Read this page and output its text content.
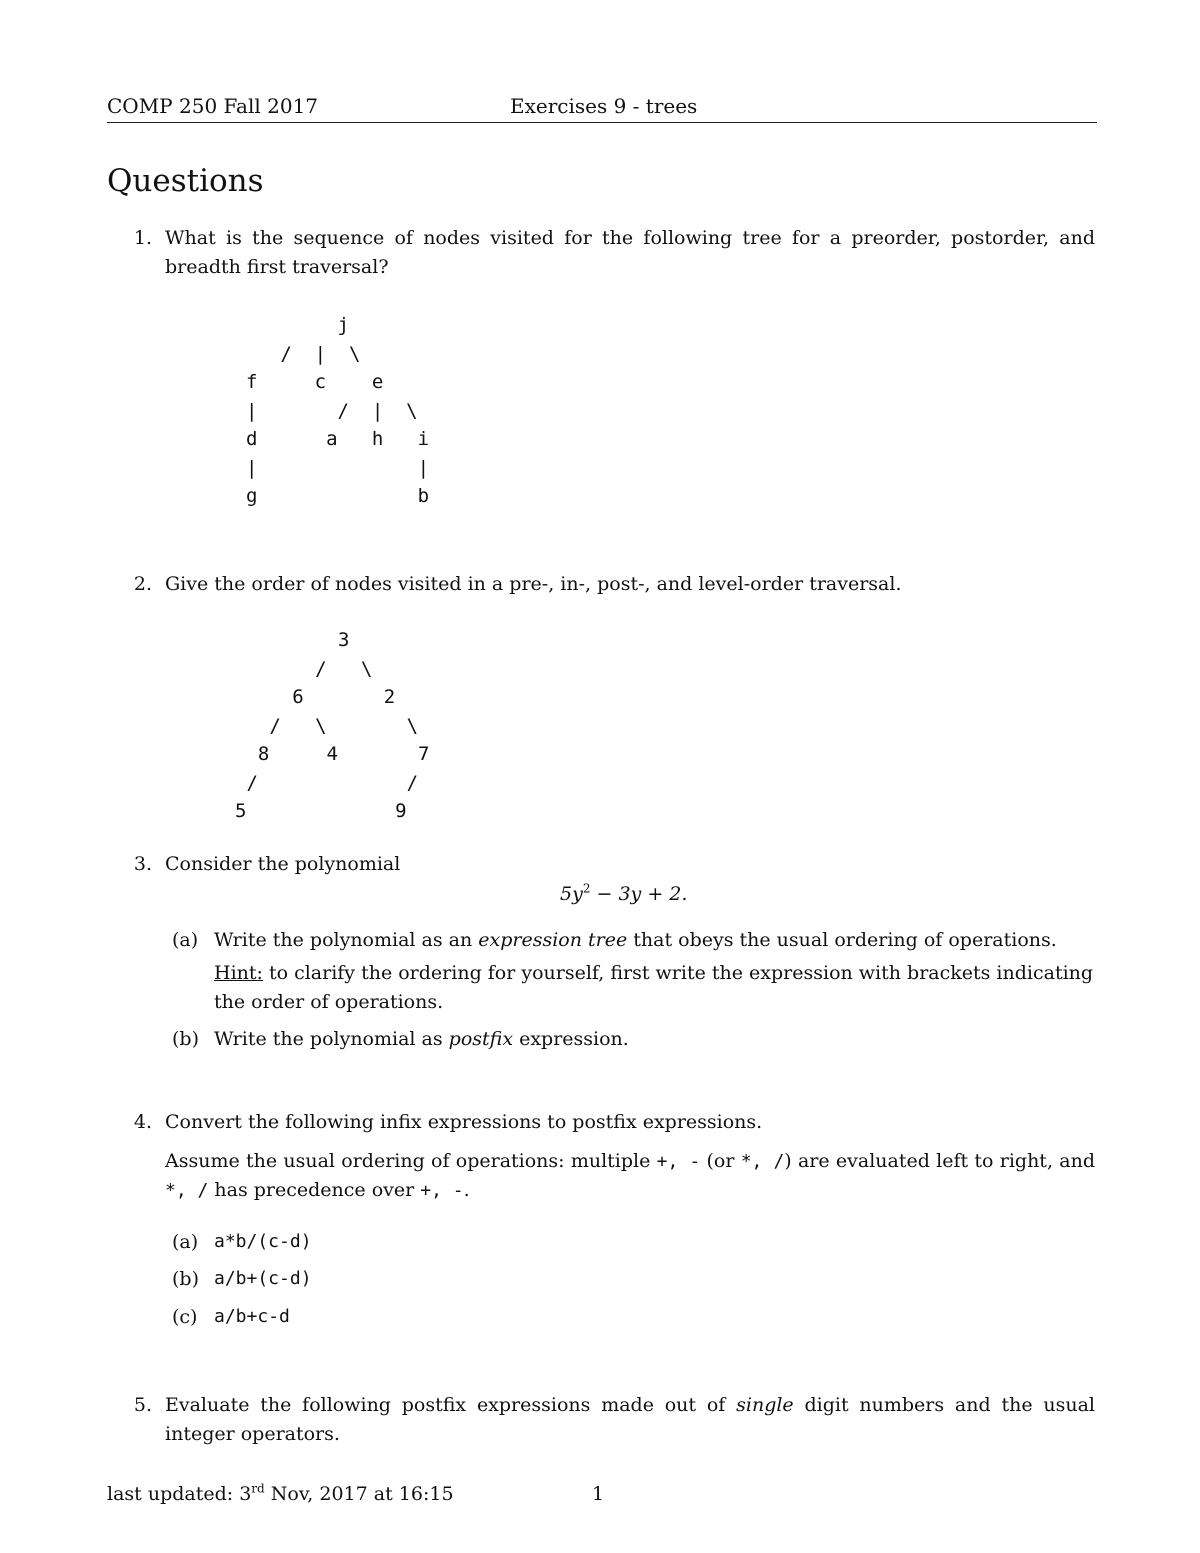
COMP 250 Fall 2017	Exercises 9 - trees
Questions
1. What is the sequence of nodes visited for the following tree for a preorder, postorder, and breadth first traversal?
j
/  |  \
f     c    e
|       /  |  \
d      a   h   i
|              |
g              b
2. Give the order of nodes visited in a pre-, in-, post-, and level-order traversal.
3
/   \
6       2
/   \       \
8     4       7
/             /
5             9
3. Consider the polynomial
$5y^2 - 3y + 2$.
(a) Write the polynomial as an expression tree that obeys the usual ordering of operations.
Hint: to clarify the ordering for yourself, first write the expression with brackets indicating the order of operations.
(b) Write the polynomial as postfix expression.
4. Convert the following infix expressions to postfix expressions.
Assume the usual ordering of operations: multiple +, - (or *, /) are evaluated left to right, and *, / has precedence over +, -.
(a) a*b/(c-d)
(b) a/b+(c-d)
(c) a/b+c-d
5. Evaluate the following postfix expressions made out of single digit numbers and the usual integer operators.
last updated: 3rd Nov, 2017 at 16:15	1
